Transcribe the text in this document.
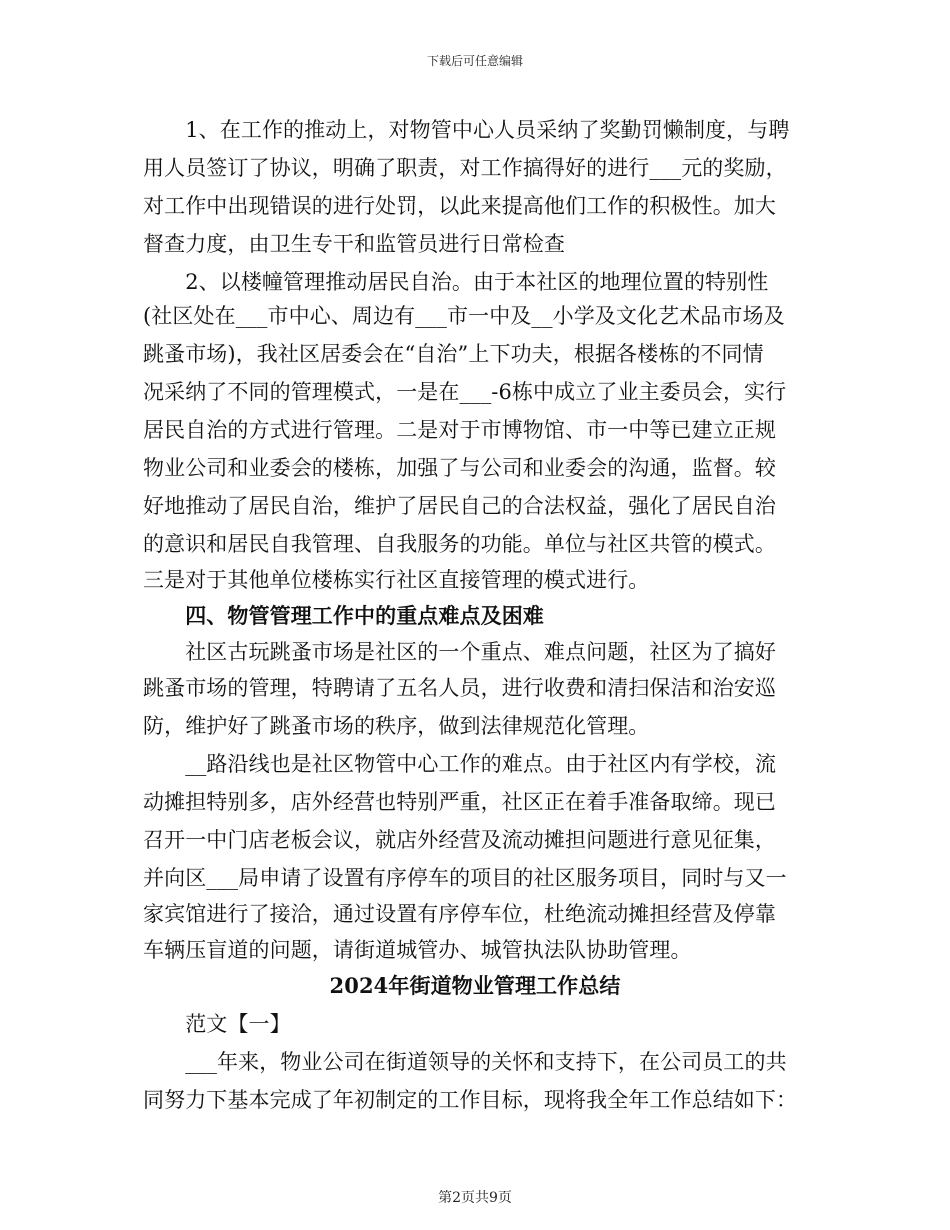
下载后可任意编辑
　　1、在工作的推动上，对物管中心人员采纳了奖勤罚懒制度，与聘
用人员签订了协议，明确了职责，对工作搞得好的进行___元的奖励，
对工作中出现错误的进行处罚，以此来提高他们工作的积极性。加大
督查力度，由卫生专干和监管员进行日常检查
　　2、以楼幢管理推动居民自治。由于本社区的地理位置的特别性
(社区处在___市中心、周边有___市一中及__小学及文化艺术品市场及
跳蚤市场)，我社区居委会在“自治”上下功夫，根据各楼栋的不同情
况采纳了不同的管理模式，一是在___-6栋中成立了业主委员会，实行
居民自治的方式进行管理。二是对于市博物馆、市一中等已建立正规
物业公司和业委会的楼栋，加强了与公司和业委会的沟通，监督。较
好地推动了居民自治，维护了居民自己的合法权益，强化了居民自治
的意识和居民自我管理、自我服务的功能。单位与社区共管的模式。
三是对于其他单位楼栋实行社区直接管理的模式进行。
　　四、物管管理工作中的重点难点及困难
　　社区古玩跳蚤市场是社区的一个重点、难点问题，社区为了搞好
跳蚤市场的管理，特聘请了五名人员，进行收费和清扫保洁和治安巡
防，维护好了跳蚤市场的秩序，做到法律规范化管理。
　　__路沿线也是社区物管中心工作的难点。由于社区内有学校，流
动摊担特别多，店外经营也特别严重，社区正在着手准备取缔。现已
召开一中门店老板会议，就店外经营及流动摊担问题进行意见征集，
并向区___局申请了设置有序停车的项目的社区服务项目，同时与又一
家宾馆进行了接洽，通过设置有序停车位，杜绝流动摊担经营及停靠
车辆压盲道的问题，请街道城管办、城管执法队协助管理。
2024年街道物业管理工作总结
　　范文【一】
　　___年来，物业公司在街道领导的关怀和支持下，在公司员工的共
同努力下基本完成了年初制定的工作目标，现将我全年工作总结如下：
第2页共9页
